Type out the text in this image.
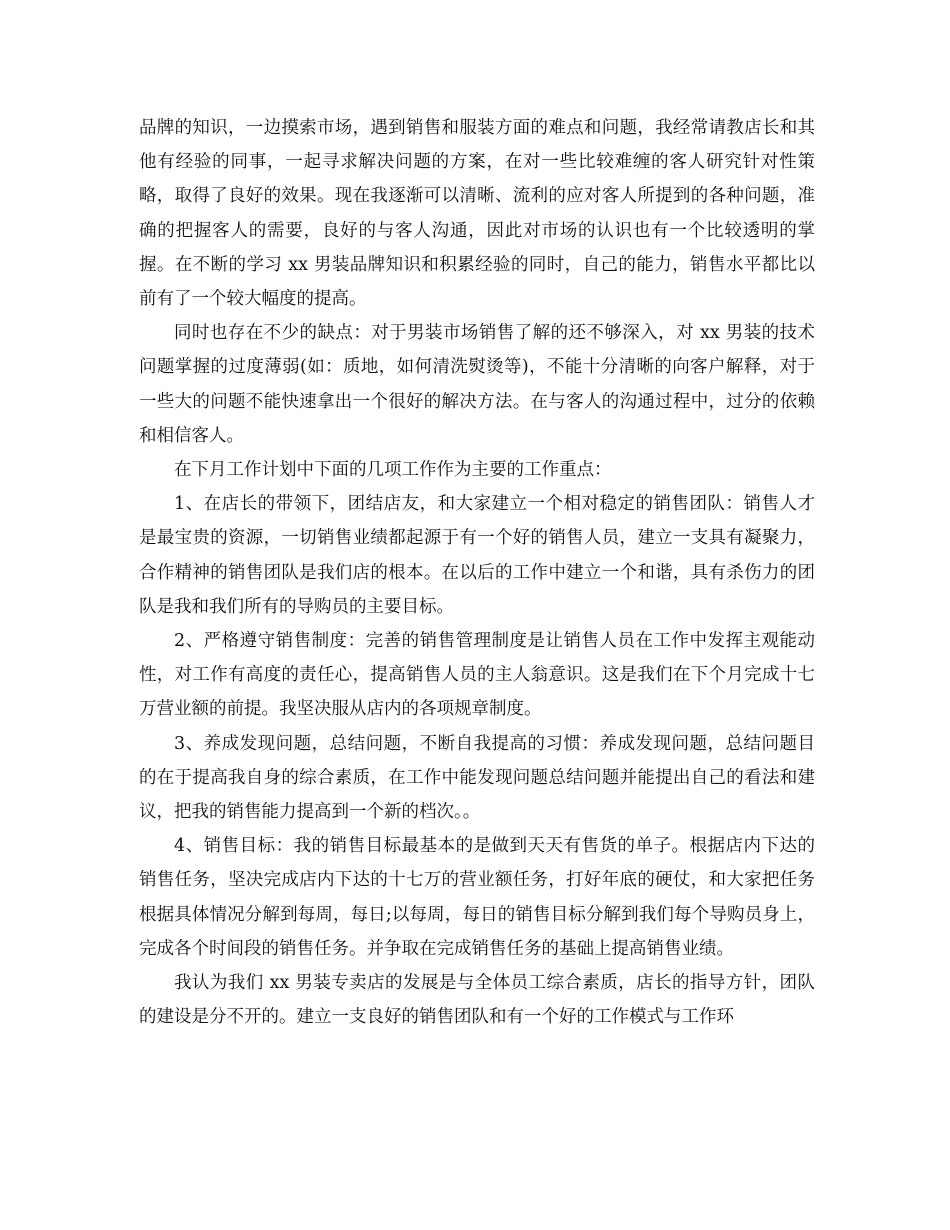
品牌的知识，一边摸索市场，遇到销售和服装方面的难点和问题，我经常请教店长和其他有经验的同事，一起寻求解决问题的方案，在对一些比较难缠的客人研究针对性策略，取得了良好的效果。现在我逐渐可以清晰、流利的应对客人所提到的各种问题，准确的把握客人的需要，良好的与客人沟通，因此对市场的认识也有一个比较透明的掌握。在不断的学习 xx 男装品牌知识和积累经验的同时，自己的能力，销售水平都比以前有了一个较大幅度的提高。

同时也存在不少的缺点：对于男装市场销售了解的还不够深入，对 xx 男装的技术问题掌握的过度薄弱(如：质地，如何清洗熨烫等)，不能十分清晰的向客户解释，对于一些大的问题不能快速拿出一个很好的解决方法。在与客人的沟通过程中，过分的依赖和相信客人。

在下月工作计划中下面的几项工作作为主要的工作重点：

1、在店长的带领下，团结店友，和大家建立一个相对稳定的销售团队：销售人才是最宝贵的资源，一切销售业绩都起源于有一个好的销售人员，建立一支具有凝聚力，合作精神的销售团队是我们店的根本。在以后的工作中建立一个和谐，具有杀伤力的团队是我和我们所有的导购员的主要目标。

2、严格遵守销售制度：完善的销售管理制度是让销售人员在工作中发挥主观能动性，对工作有高度的责任心，提高销售人员的主人翁意识。这是我们在下个月完成十七万营业额的前提。我坚决服从店内的各项规章制度。

3、养成发现问题，总结问题，不断自我提高的习惯：养成发现问题，总结问题目的在于提高我自身的综合素质，在工作中能发现问题总结问题并能提出自己的看法和建议，把我的销售能力提高到一个新的档次。。

4、销售目标：我的销售目标最基本的是做到天天有售货的单子。根据店内下达的销售任务，坚决完成店内下达的十七万的营业额任务，打好年底的硬仗，和大家把任务根据具体情况分解到每周，每日;以每周，每日的销售目标分解到我们每个导购员身上，完成各个时间段的销售任务。并争取在完成销售任务的基础上提高销售业绩。

我认为我们 xx 男装专卖店的发展是与全体员工综合素质，店长的指导方针，团队的建设是分不开的。建立一支良好的销售团队和有一个好的工作模式与工作环
